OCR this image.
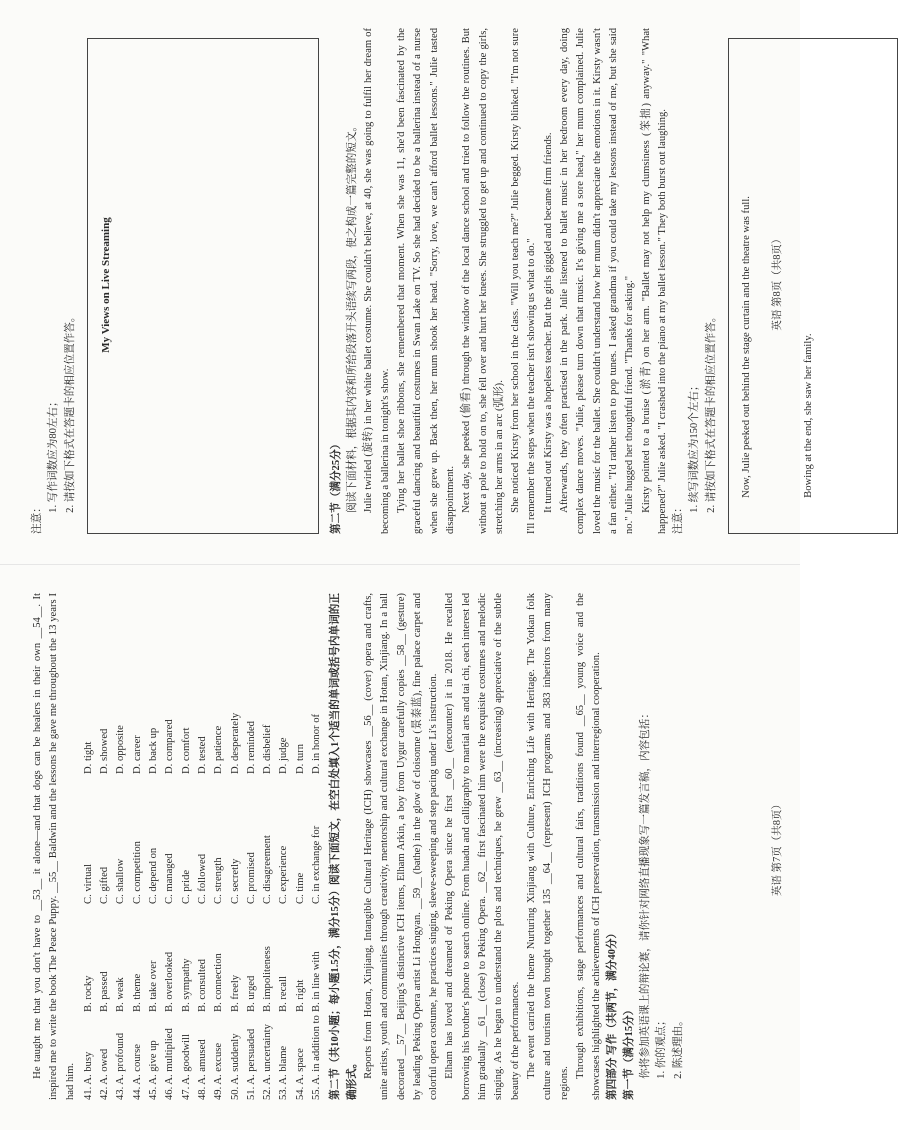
He taught me that you don't have to __53__ it alone—and that dogs can be healers in their own __54__. It inspired me to write the book The Peace Puppy. __55__ Baldwin and the lessons he gave me throughout the 13 years I had him. 41. A. busy	B. rocky	C. virtual	D. tight
42. A. owed	B. passed	C. gifted	D. showed
43. A. profound	B. weak	C. shallow	D. opposite
44. A. course	B. theme	C. competition	D. career
45. A. give up	B. take over	C. depend on	D. back up
46. A. multiplied	B. overlooked	C. managed	D. compared
47. A. goodwill	B. sympathy	C. pride	D. comfort
48. A. amused	B. consulted	C. followed	D. tested
49. A. excuse	B. connection	C. strength	D. patience
50. A. suddenly	B. freely	C. secretly	D. desperately
51. A. persuaded	B. urged	C. promised	D. reminded
52. A. uncertainty	B. impoliteness	C. disagreement	D. disbelief
53. A. blame	B. recall	C. experience	D. judge
54. A. space	B. right	C. time	D. turn
55. A. in addition to	B. in line with	C. in exchange for	D. in honor of

第二节（共10小题；每小题1.5分，满分15分）阅读下面短文，在空白处填入1个适当的单词或括号内单词的正确形式。 Reports from Hotan, Xinjiang, Intangible Cultural Heritage (ICH) showcases __56__ (cover) opera and crafts, unite artists, youth and communities through creativity, mentorship and cultural exchange in Hotan, Xinjiang. In a hall decorated __57__ Beijing's distinctive ICH items, Elham Arkin, a boy from Uygur carefully copies __58__ (gesture) by leading Peking Opera artist Li Hongyan. __59__ (bathe) in the glow of cloisonne (景泰蓝), fine palace carpet and colorful opera costume, he practices singing, sleeve-sweeping and step pacing under Li's instruction. Elham has loved and dreamed of Peking Opera since he first __60__ (encounter) it in 2018. He recalled borrowing his brother's phone to search online. From huadu and calligraphy to martial arts and tai chi, each interest led him gradually __61__ (close) to Peking Opera. __62__ first fascinated him were the exquisite costumes and melodic singing. As he began to understand the plots and techniques, he grew __63__ (increasing) appreciative of the subtle beauty of the performances. The event carried the theme Nurturing Xinjiang with Culture, Enriching Life with Heritage. The Yotkan folk culture and tourism town brought together 135 __64__ (represent) ICH programs and 383 inheritors from many regions.

Through exhibitions, stage performances and cultural fairs, traditions found __65__ young voice and the showcases highlighted the achievements of ICH preservation, transmission and interregional cooperation. 第四部分 写作（共两节，满分40分） 第一节（满分15分） 你将参加英语课上的辩论赛，请你针对网络直播现象写一篇发言稿，内容包括： 1. 你的观点； 2. 陈述理由。

英语 第7页（共8页）

注意：

1. 写作词数应为80左右； 2. 请按如下格式在答题卡的相应位置作答。

My Views on Live Streaming

第二节（满分25分） 阅读下面材料，根据其内容和所给段落开头语续写两段，使之构成一篇完整的短文。 Julie twirled (旋转) in her white ballet costume. She couldn't believe, at 40, she was going to fulfil her dream of becoming a ballerina in tonight's show. Tying her ballet shoe ribbons, she remembered that moment. When she was 11, she'd been fascinated by the graceful dancing and beautiful costumes in Swan Lake on TV. So she had decided to be a ballerina instead of a nurse when she grew up. Back then, her mum shook her head. "Sorry, love, we can't afford ballet lessons." Julie tasted disappointment. Next day, she peeked (偷看) through the window of the local dance school and tried to follow the routines. But without a pole to hold on to, she fell over and hurt her knees. She struggled to get up and continued to copy the girls, stretching her arms in an arc (弧形). She noticed Kirsty from her school in the class. "Will you teach me?" Julie begged. Kirsty blinked. "I'm not sure I'll remember the steps when the teacher isn't showing us what to do." It turned out Kirsty was a hopeless teacher. But the girls giggled and became firm friends. Afterwards, they often practised in the park. Julie listened to ballet music in her bedroom every day, doing complex dance moves. "Julie, please turn down that music. It's giving me a sore head," her mum complained. Julie loved the music for the ballet. She couldn't understand how her mum didn't appreciate the emotions in it. Kirsty wasn't a fan either. "I'd rather listen to pop tunes. I asked grandma if you could take my lessons instead of me, but she said no." Julie hugged her thoughtful friend. "Thanks for asking." Kirsty pointed to a bruise (淤青) on her arm. "Ballet may not help my clumsiness (笨拙) anyway." "What happened?" Julie asked. "I crashed into the piano at my ballet lesson." They both burst out laughing. 注意：

1. 续写词数应为150个左右； 2. 请按如下格式在答题卡的相应位置作答。	Now, Julie peeked out behind the stage curtain and the theatre was full.	Bowing at the end, she saw her family.

英语 第8页（共8页）
